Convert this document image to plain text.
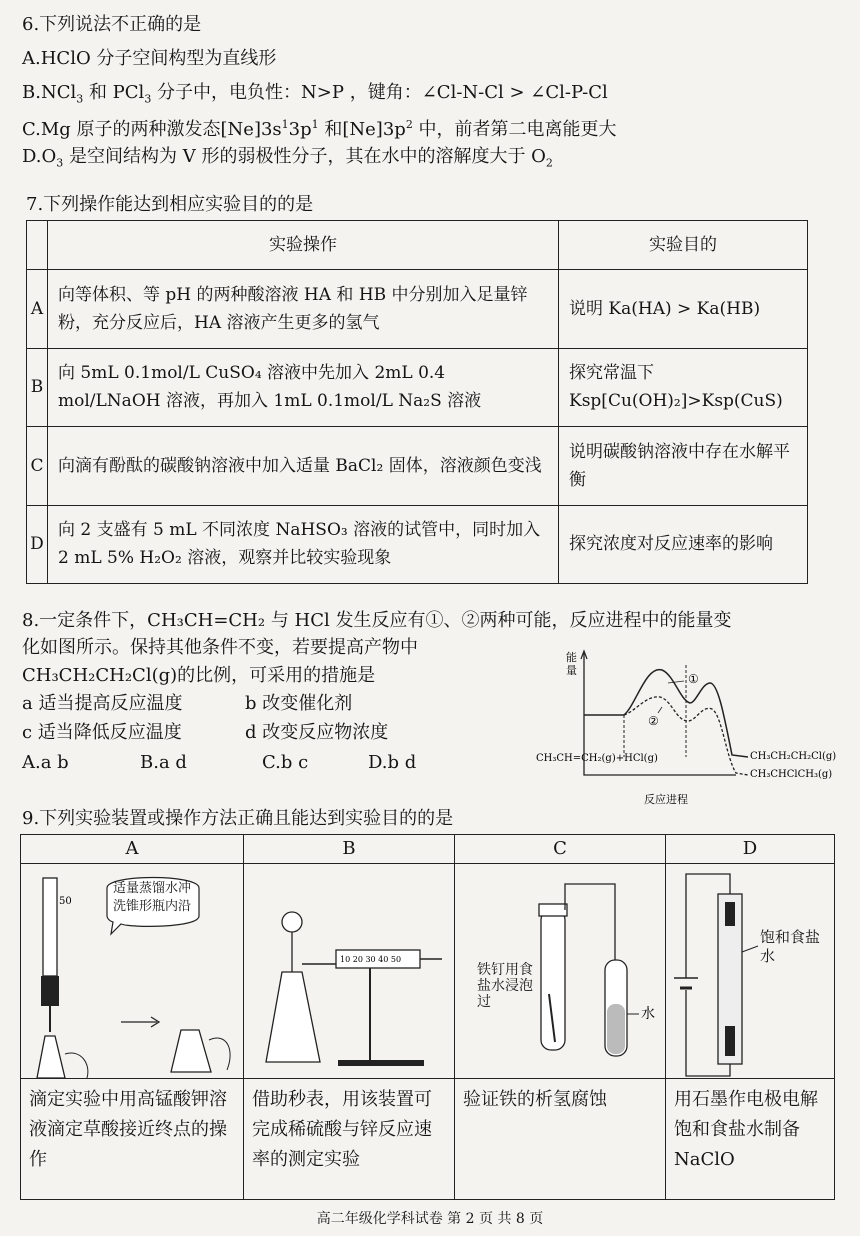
6.下列说法不正确的是
A.HClO 分子空间构型为直线形
B.NCl$_3$ 和 PCl$_3$ 分子中，电负性：N>P ，键角：∠Cl-N-Cl > ∠Cl-P-Cl
C.Mg 原子的两种激发态$[Ne]3s^13p^1$ 和$[Ne]3p^2$ 中，前者第二电离能更大
$D.O_3$ 是空间结构为 V 形的弱极性分子，其在水中的溶解度大于 $O_2$
7.下列操作能达到相应实验目的的是
	实验操作	实验目的
A	向等体积、等 pH 的两种酸溶液 HA 和 HB 中分别加入足量锌粉，充分反应后，HA 溶液产生更多的氢气	说明 Ka(HA) > Ka(HB)
B	向 5mL 0.1mol/L CuSO₄ 溶液中先加入 2mL 0.4 mol/LNaOH 溶液，再加入 1mL 0.1mol/L Na₂S 溶液	探究常温下 Ksp[Cu(OH)₂]>Ksp(CuS)
C	向滴有酚酞的碳酸钠溶液中加入适量 BaCl₂ 固体，溶液颜色变浅	说明碳酸钠溶液中存在水解平衡
D	向 2 支盛有 5 mL 不同浓度 NaHSO₃ 溶液的试管中，同时加入 2 mL 5% H₂O₂ 溶液，观察并比较实验现象	探究浓度对反应速率的影响
8.一定条件下，CH₃CH=CH₂ 与 HCl 发生反应有①、②两种可能，反应进程中的能量变
化如图所示。保持其他条件不变，若要提高产物中
CH₃CH₂CH₂Cl(g)的比例，可采用的措施是
a 适当提高反应温度	b 改变催化剂
c 适当降低反应温度	d 改变反应物浓度
A.a b	B.a d	C.b c	D.b d
能
量
①
②
CH₃CH=CH₂(g)+HCl(g)	CH₃CH₂CH₂Cl(g)
CH₃CHClCH₃(g)
反应进程
9.下列实验装置或操作方法正确且能达到实验目的的是
A	B	C	D

50
适量蒸馏水冲洗锥形瓶内沿	10 20 30 40 50	铁钉用食盐水浸泡过
水	饱和食盐水

滴定实验中用高锰酸钾溶液滴定草酸接近终点的操作	借助秒表，用该装置可完成稀硫酸与锌反应速率的测定实验	验证铁的析氢腐蚀	用石墨作电极电解饱和食盐水制备 NaClO
高二年级化学科试卷 第 2 页 共 8 页
